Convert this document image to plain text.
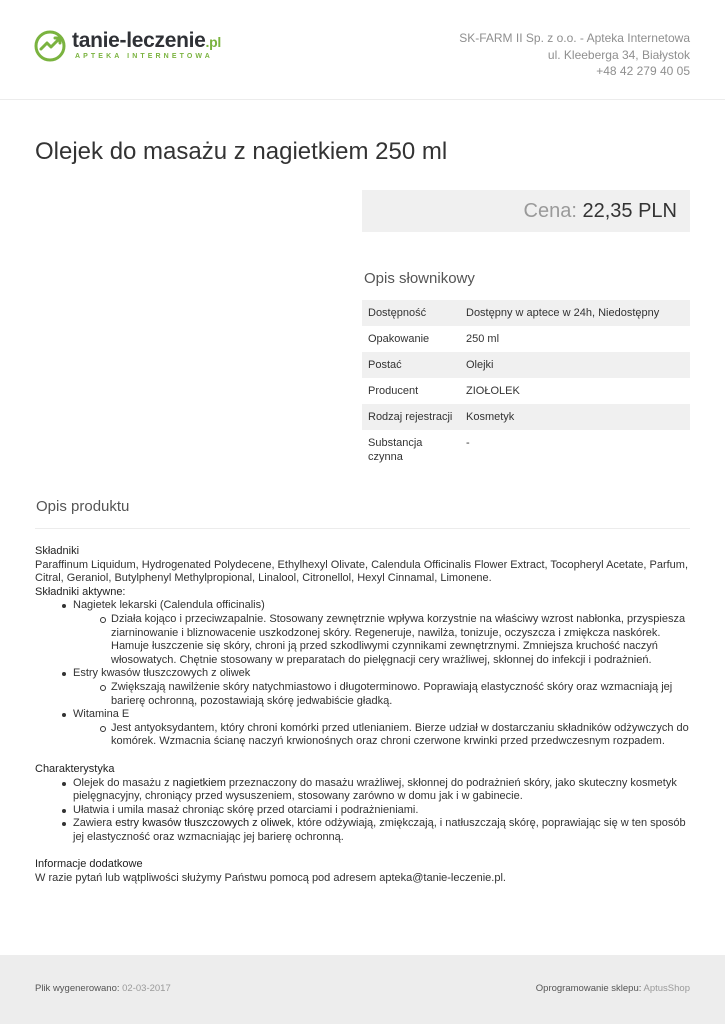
tanie-leczenie.pl
APTEKA INTERNETOWA
SK-FARM II Sp. z o.o. - Apteka Internetowa
ul. Kleeberga 34, Białystok
+48 42 279 40 05
Olejek do masażu z nagietkiem 250 ml
Cena: 22,35 PLN
Opis słownikowy
Dostępność	Dostępny w aptece w 24h, Niedostępny
Opakowanie	250 ml
Postać	Olejki
Producent	ZIOŁOLEK
Rodzaj rejestracji	Kosmetyk
Substancja czynna	-
Opis produktu

Składniki

Paraffinum Liquidum, Hydrogenated Polydecene, Ethylhexyl Olivate, Calendula Officinalis Flower Extract, Tocopheryl Acetate, Parfum, Citral, Geraniol, Butylphenyl Methylpropional, Linalool, Citronellol, Hexyl Cinnamal, Limonene.

Składniki aktywne:

Nagietek lekarski (Calendula officinalis)
Działa kojąco i przeciwzapalnie. Stosowany zewnętrznie wpływa korzystnie na właściwy wzrost nabłonka, przyspiesza ziarninowanie i bliznowacenie uszkodzonej skóry. Regeneruje, nawilża, tonizuje, oczyszcza i zmiękcza naskórek. Hamuje łuszczenie się skóry, chroni ją przed szkodliwymi czynnikami zewnętrznymi. Zmniejsza kruchość naczyń włosowatych. Chętnie stosowany w preparatach do pielęgnacji cery wrażliwej, skłonnej do infekcji i podrażnień.
Estry kwasów tłuszczowych z oliwek
Zwiększają nawilżenie skóry natychmiastowo i długoterminowo. Poprawiają elastyczność skóry oraz wzmacniają jej barierę ochronną, pozostawiają skórę jedwabiście gładką.
Witamina E
Jest antyoksydantem, który chroni komórki przed utlenianiem. Bierze udział w dostarczaniu składników odżywczych do komórek. Wzmacnia ścianę naczyń krwionośnych oraz chroni czerwone krwinki przed przedwczesnym rozpadem.

Charakterystyka

Olejek do masażu z nagietkiem przeznaczony do masażu wrażliwej, skłonnej do podrażnień skóry, jako skuteczny kosmetyk pielęgnacyjny, chroniący przed wysuszeniem, stosowany zarówno w domu jak i w gabinecie.
Ułatwia i umila masaż chroniąc skórę przed otarciami i podrażnieniami.
Zawiera estry kwasów tłuszczowych z oliwek, które odżywiają, zmiękczają, i natłuszczają skórę, poprawiając się w ten sposób jej elastyczność oraz wzmacniając jej barierę ochronną.

Informacje dodatkowe

W razie pytań lub wątpliwości służymy Państwu pomocą pod adresem apteka@tanie-leczenie.pl.

Plik wygenerowano: 02-03-2017	Oprogramowanie sklepu: AptusShop
